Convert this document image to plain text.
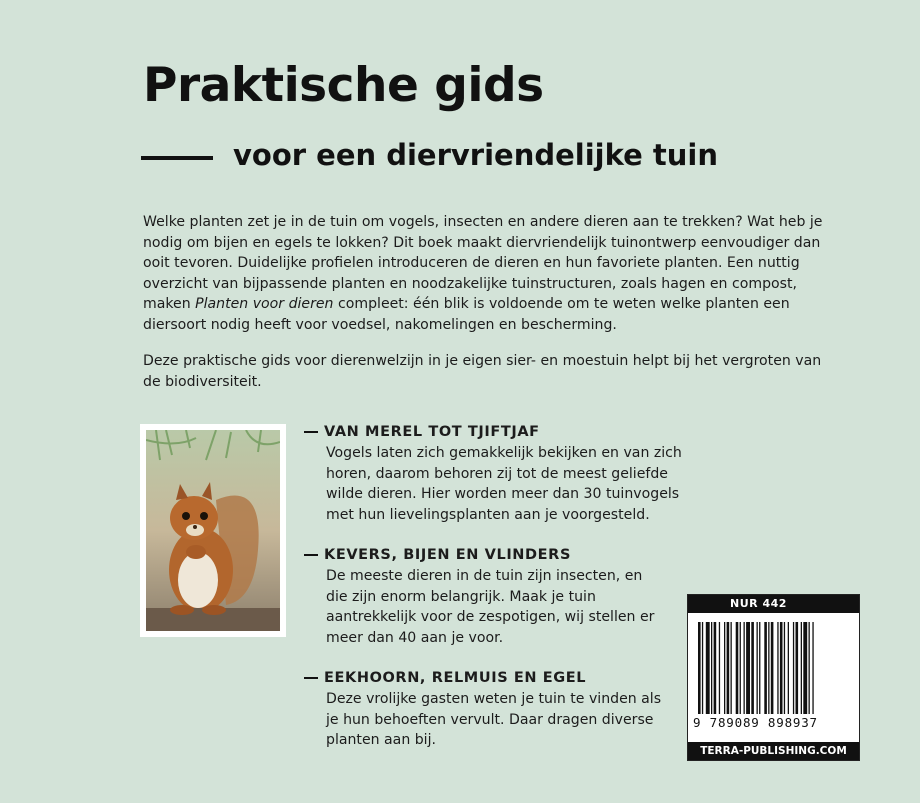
Praktische gids
voor een diervriendelijke tuin

Welke planten zet je in de tuin om vogels, insecten en andere dieren aan te trekken? Wat heb je nodig om bijen en egels te lokken? Dit boek maakt diervriendelijk tuinontwerp eenvoudiger dan ooit tevoren. Duidelijke profielen introduceren de dieren en hun favoriete planten. Een nuttig overzicht van bijpassende planten en noodzakelijke tuinstructuren, zoals hagen en compost, maken Planten voor dieren compleet: één blik is voldoende om te weten welke planten een diersoort nodig heeft voor voedsel, nakomelingen en bescherming.

Deze praktische gids voor dierenwelzijn in je eigen sier- en moestuin helpt bij het vergroten van de biodiversiteit.

VAN MEREL TOT TJIFTJAF
Vogels laten zich gemakkelijk bekijken en van zich horen, daarom behoren zij tot de meest geliefde wilde dieren. Hier worden meer dan 30 tuinvogels met hun lievelingsplanten aan je voorgesteld.
KEVERS, BIJEN EN VLINDERS
De meeste dieren in de tuin zijn insecten, en die zijn enorm belangrijk. Maak je tuin aantrekkelijk voor de zespotigen, wij stellen er meer dan 40 aan je voor.
EEKHOORN, RELMUIS EN EGEL
Deze vrolijke gasten weten je tuin te vinden als je hun behoeften vervult. Daar dragen diverse planten aan bij.
NUR 442
9 789089 898937
TERRA-PUBLISHING.COM
